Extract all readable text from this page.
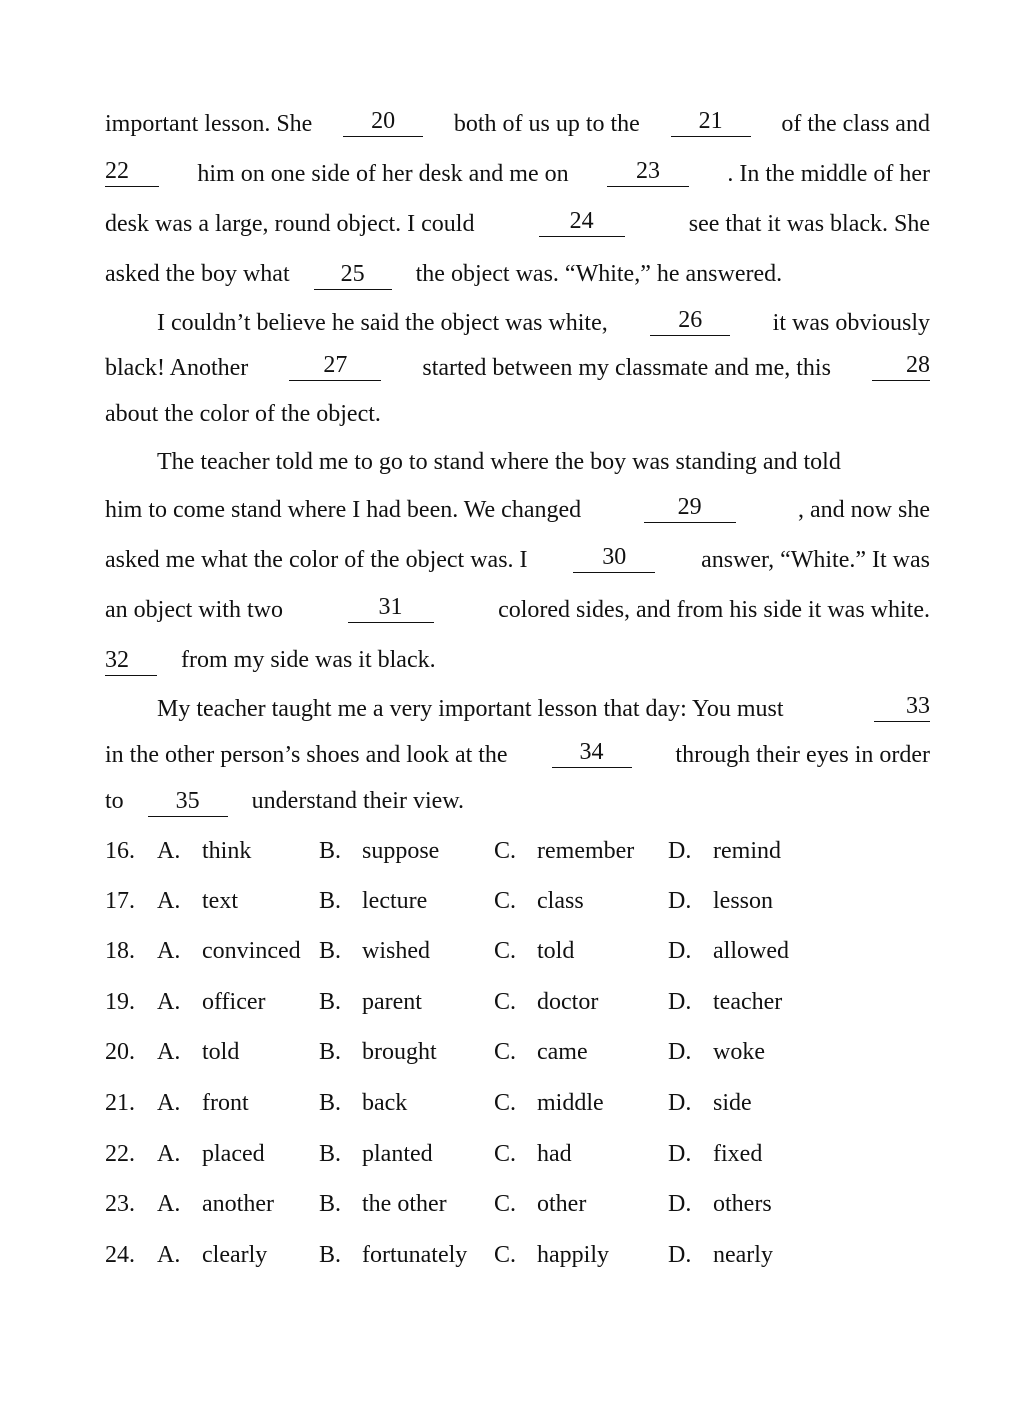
important lesson. She	20	both of us up to the	21	of the class and
22	him on one side of her desk and me on	23	. In the middle of her
desk was a large, round object. I could	24	see that it was black. She
asked the boy what 25 the object was. “White,” he answered.
I couldn’t believe he said the object was white,	26	it was obviously
black! Another	27	started between my classmate and me, this	28
about the color of the object.
The teacher told me to go to stand where the boy was standing and told
him to come stand where I had been. We changed	29	, and now she
asked me what the color of the object was. I	30	answer, “White.” It was
an object with two	31	colored sides, and from his side it was white.
32 from my side was it black.
My teacher taught me a very important lesson that day: You must	33
in the other person’s shoes and look at the	34	through their eyes in order
to 35 understand their view.
16. A. think	B. suppose C. remember D. remind
17. A. text	B. lecture	C. class	D. lesson
18. A. convinced B. wished	C. told	D. allowed
19. A. officer B. parent	C. doctor	D. teacher
20. A. told	B. brought C. came	D. woke
21. A. front	B. back	C. middle	D. side
22. A. placed B. planted	C. had	D. fixed
23. A. another B. the other C. other	D. others
24. A. clearly B. fortunately C. happily D. nearly
